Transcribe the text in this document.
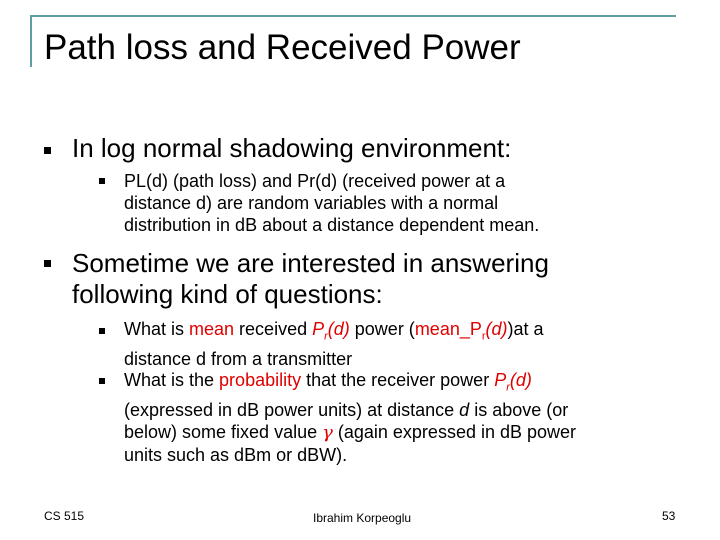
Path loss and Received Power
In log normal shadowing environment:
PL(d) (path loss) and Pr(d) (received power at a
distance d) are random variables with a normal
distribution in dB about a distance dependent mean.
Sometime we are interested in answering
following kind of questions:
What is mean received $P_r(d)$ power $(mean\_P_r(d))at$ a
distance d from a transmitter
What is the probability that the receiver power $P_r(d)$
(expressed in dB power units) at distance d is above (or
below) some fixed value γ (again expressed in dB power
units such as dBm or dBW).
CS 515	Ibrahim Korpeoglu	53
